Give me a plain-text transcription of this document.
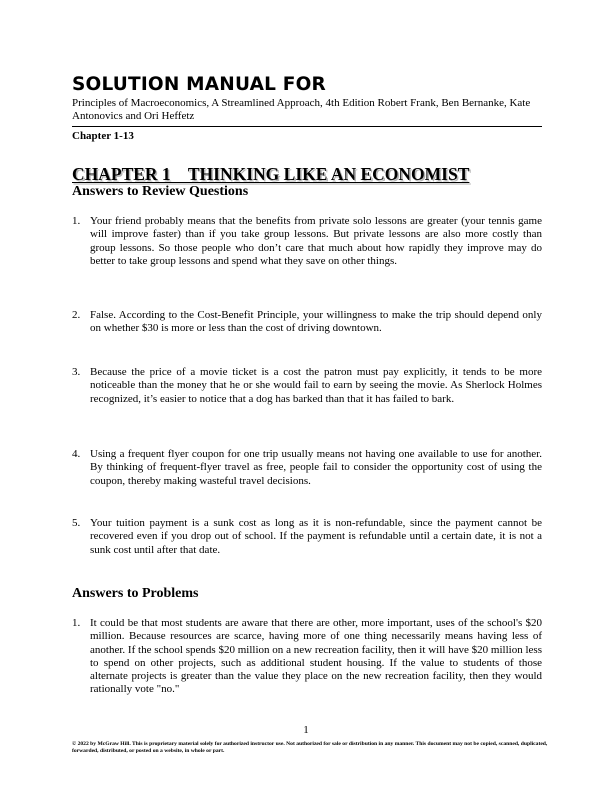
SOLUTION MANUAL FOR

Principles of Macroeconomics, A Streamlined Approach, 4th Edition Robert Frank, Ben Bernanke, Kate Antonovics and Ori Heffetz

Chapter 1-13

CHAPTER 1    THINKING LIKE AN ECONOMIST
Answers to Review Questions
1. Your friend probably means that the benefits from private solo lessons are greater (your tennis game will improve faster) than if you take group lessons. But private lessons are also more costly than group lessons. So those people who don’t care that much about how rapidly they improve may do better to take group lessons and spend what they save on other things.
2. False. According to the Cost-Benefit Principle, your willingness to make the trip should depend only on whether $30 is more or less than the cost of driving downtown.
3. Because the price of a movie ticket is a cost the patron must pay explicitly, it tends to be more noticeable than the money that he or she would fail to earn by seeing the movie. As Sherlock Holmes recognized, it’s easier to notice that a dog has barked than that it has failed to bark.
4. Using a frequent flyer coupon for one trip usually means not having one available to use for another. By thinking of frequent-flyer travel as free, people fail to consider the opportunity cost of using the coupon, thereby making wasteful travel decisions.
5. Your tuition payment is a sunk cost as long as it is non-refundable, since the payment cannot be recovered even if you drop out of school. If the payment is refundable until a certain date, it is not a sunk cost until after that date.
Answers to Problems
1. It could be that most students are aware that there are other, more important, uses of the school's $20 million. Because resources are scarce, having more of one thing necessarily means having less of another. If the school spends $20 million on a new recreation facility, then it will have $20 million less to spend on other projects, such as additional student housing. If the value to students of those alternate projects is greater than the value they place on the new recreation facility, then they would rationally vote "no."

1

© 2022 by McGraw Hill. This is proprietary material solely for authorized instructor use. Not authorized for sale or distribution in any manner. This document may not be copied, scanned, duplicated, forwarded, distributed, or posted on a website, in whole or part.
